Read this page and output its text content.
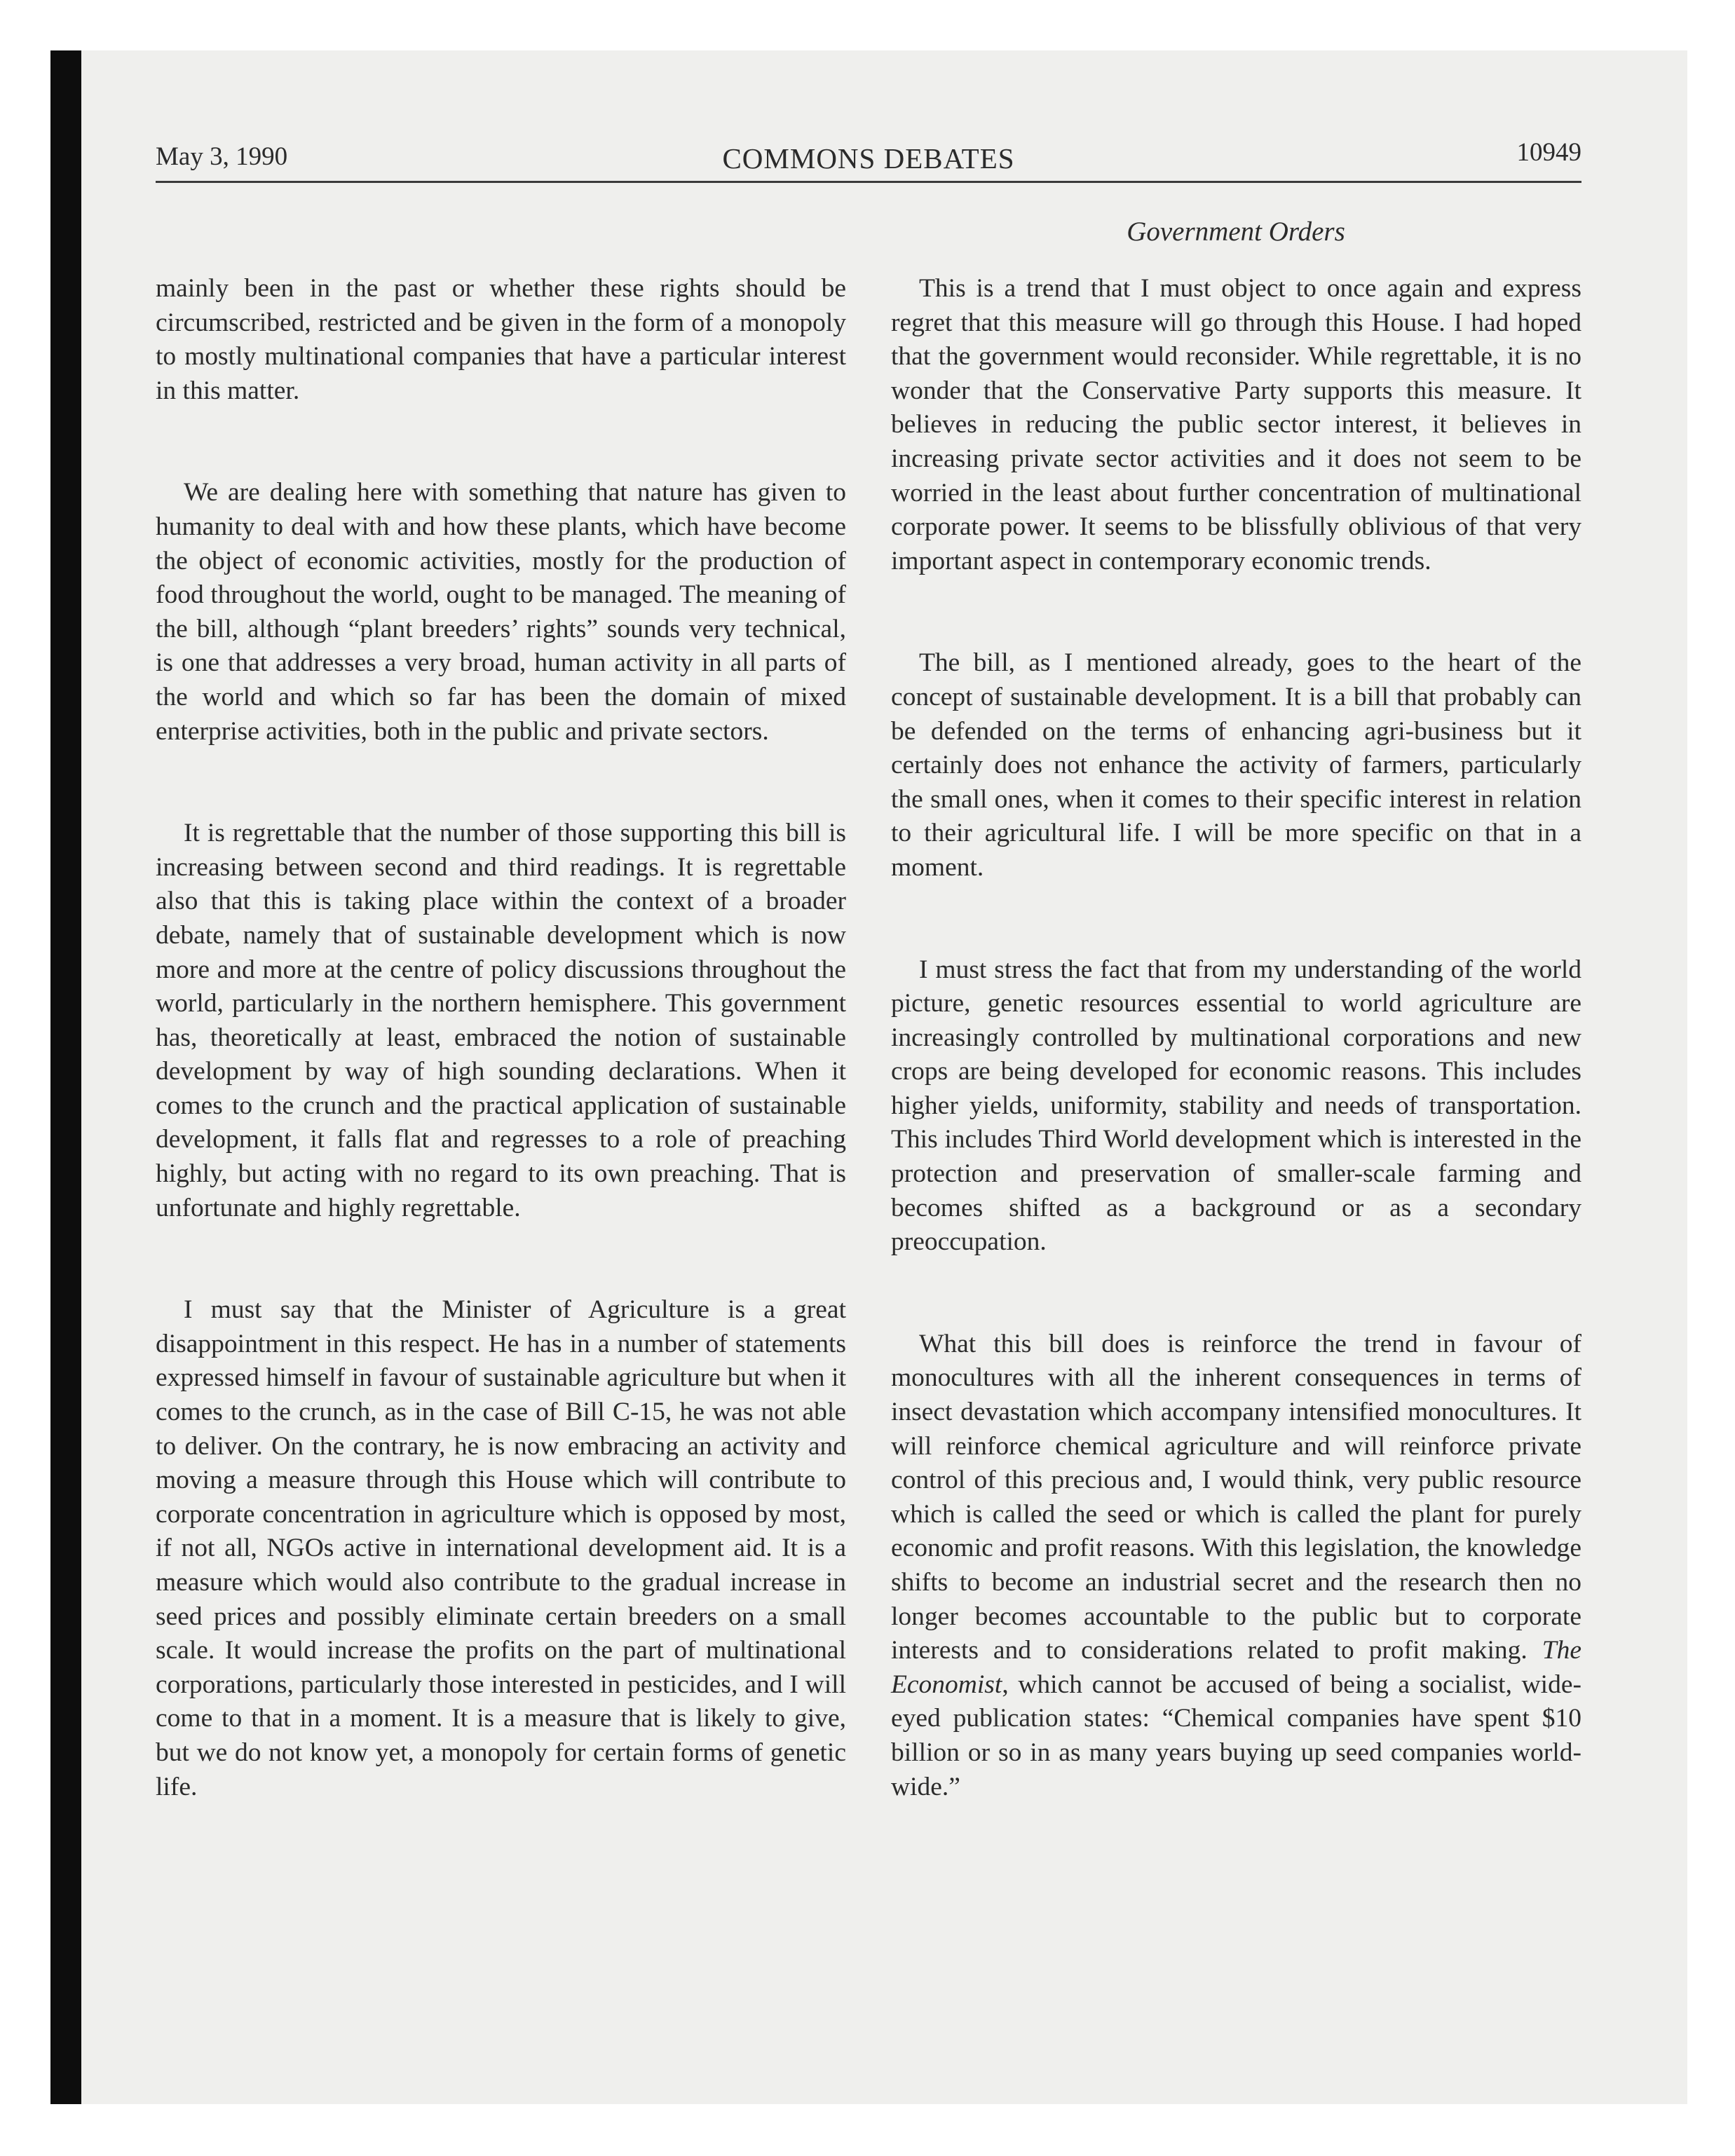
May 3, 1990	COMMONS DEBATES	10949
Government Orders

mainly been in the past or whether these rights should be circumscribed, restricted and be given in the form of a monopoly to mostly multinational companies that have a particular interest in this matter.

We are dealing here with something that nature has given to humanity to deal with and how these plants, which have become the object of economic activities, mostly for the production of food throughout the world, ought to be managed. The meaning of the bill, although “plant breeders’ rights” sounds very technical, is one that addresses a very broad, human activity in all parts of the world and which so far has been the domain of mixed enterprise activities, both in the public and private sectors.

It is regrettable that the number of those supporting this bill is increasing between second and third readings. It is regrettable also that this is taking place within the context of a broader debate, namely that of sustainable development which is now more and more at the centre of policy discussions throughout the world, particularly in the northern hemisphere. This government has, theoretically at least, embraced the notion of sustainable development by way of high sounding declarations. When it comes to the crunch and the practical application of sustainable development, it falls flat and regresses to a role of preaching highly, but acting with no regard to its own preaching. That is unfortunate and highly regrettable.

I must say that the Minister of Agriculture is a great disappointment in this respect. He has in a number of statements expressed himself in favour of sustainable agriculture but when it comes to the crunch, as in the case of Bill C-15, he was not able to deliver. On the contrary, he is now embracing an activity and moving a measure through this House which will contribute to corporate concentration in agriculture which is opposed by most, if not all, NGOs active in international development aid. It is a measure which would also contribute to the gradual increase in seed prices and possibly eliminate certain breeders on a small scale. It would increase the profits on the part of multinational corporations, particularly those interested in pesticides, and I will come to that in a moment. It is a measure that is likely to give, but we do not know yet, a monopoly for certain forms of genetic life.

This is a trend that I must object to once again and express regret that this measure will go through this House. I had hoped that the government would reconsider. While regrettable, it is no wonder that the Conservative Party supports this measure. It believes in reducing the public sector interest, it believes in increasing private sector activities and it does not seem to be worried in the least about further concentration of multinational corporate power. It seems to be blissfully oblivious of that very important aspect in contemporary economic trends.

The bill, as I mentioned already, goes to the heart of the concept of sustainable development. It is a bill that probably can be defended on the terms of enhancing agri-business but it certainly does not enhance the activity of farmers, particularly the small ones, when it comes to their specific interest in relation to their agricultural life. I will be more specific on that in a moment.

I must stress the fact that from my understanding of the world picture, genetic resources essential to world agriculture are increasingly controlled by multinational corporations and new crops are being developed for economic reasons. This includes higher yields, uniformity, stability and needs of transportation. This includes Third World development which is interested in the protection and preservation of smaller-scale farming and becomes shifted as a background or as a secondary preoccupation.

What this bill does is reinforce the trend in favour of monocultures with all the inherent consequences in terms of insect devastation which accompany intensified monocultures. It will reinforce chemical agriculture and will reinforce private control of this precious and, I would think, very public resource which is called the seed or which is called the plant for purely economic and profit reasons. With this legislation, the knowledge shifts to become an industrial secret and the research then no longer becomes accountable to the public but to corporate interests and to considerations related to profit making. The Economist, which cannot be accused of being a socialist, wide-eyed publication states: “Chemical companies have spent $10 billion or so in as many years buying up seed companies world-wide.”
